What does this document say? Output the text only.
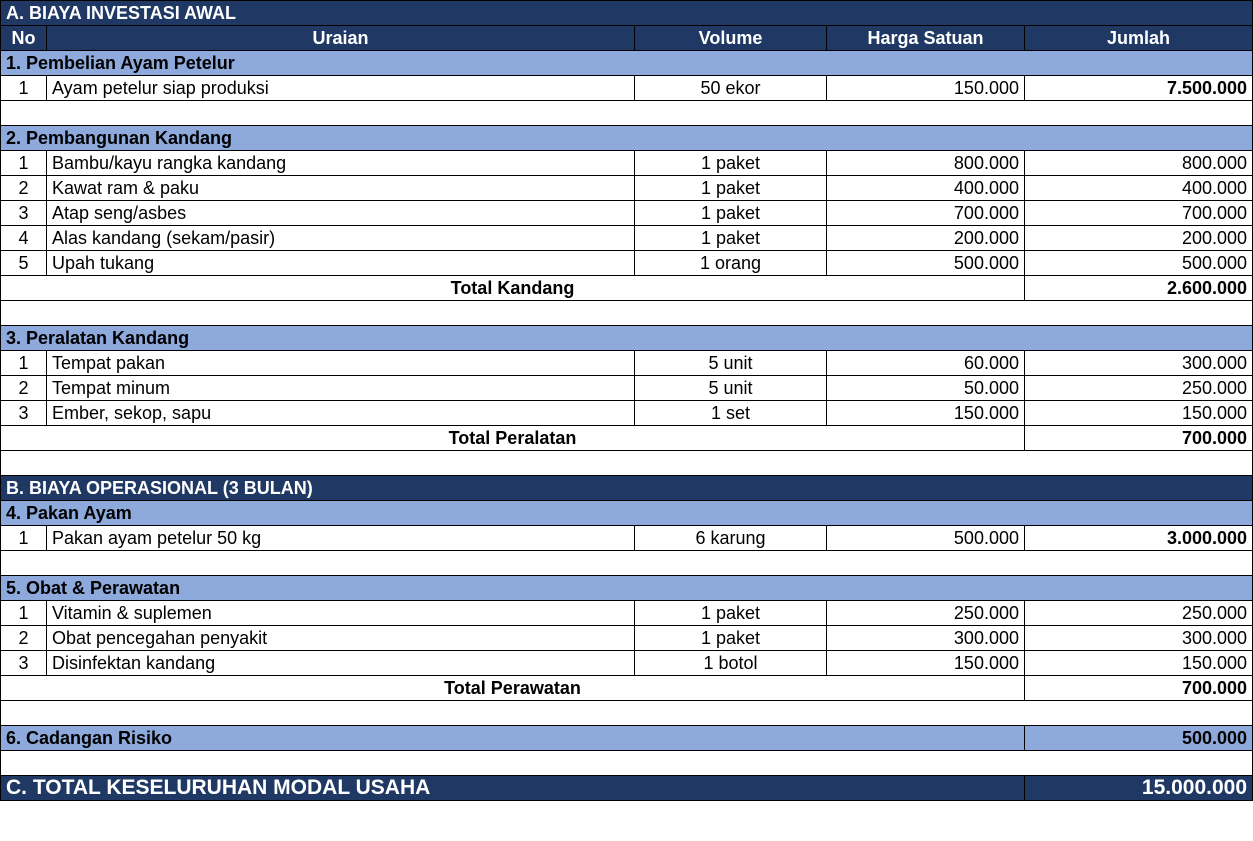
A. BIAYA INVESTASI AWAL				
No	Uraian	Volume	Harga Satuan	Jumlah
1. Pembelian Ayam Petelur				
1	Ayam petelur siap produksi	50 ekor	150.000	7.500.000

2. Pembangunan Kandang				
1	Bambu/kayu rangka kandang	1 paket	800.000	800.000
2	Kawat ram & paku	1 paket	400.000	400.000
3	Atap seng/asbes	1 paket	700.000	700.000
4	Alas kandang (sekam/pasir)	1 paket	200.000	200.000
5	Upah tukang	1 orang	500.000	500.000
Total Kandang				2.600.000

3. Peralatan Kandang				
1	Tempat pakan	5 unit	60.000	300.000
2	Tempat minum	5 unit	50.000	250.000
3	Ember, sekop, sapu	1 set	150.000	150.000
Total Peralatan				700.000

B. BIAYA OPERASIONAL (3 BULAN)				
4. Pakan Ayam				
1	Pakan ayam petelur 50 kg	6 karung	500.000	3.000.000

5. Obat & Perawatan				
1	Vitamin & suplemen	1 paket	250.000	250.000
2	Obat pencegahan penyakit	1 paket	300.000	300.000
3	Disinfektan kandang	1 botol	150.000	150.000
Total Perawatan				700.000

6. Cadangan Risiko				500.000

C. TOTAL KESELURUHAN MODAL USAHA				15.000.000
